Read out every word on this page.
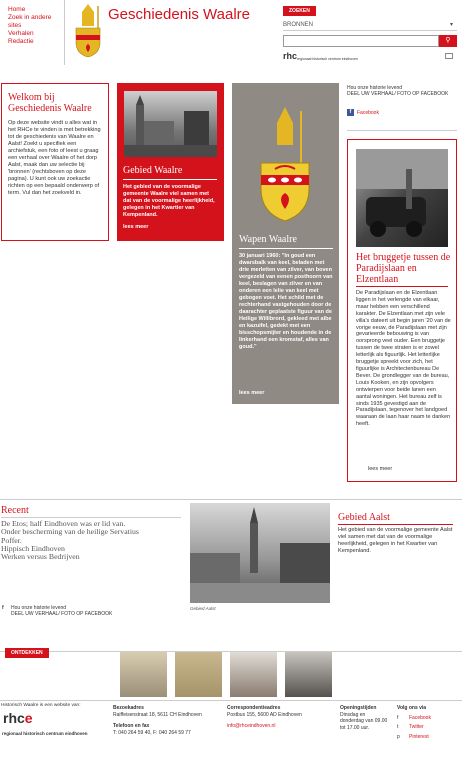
Home
Zoek in andere
sites
Verhalen
Redactie
Geschiedenis Waalre	ZOEKEN
BRONNEN	▾
⚲
rhc regionaal historisch centrum eindhoven
Welkom bij Geschiedenis Waalre

Op deze website vindt u alles wat in het RHCe te vinden is met betrekking tot de geschiedenis van Waalre en Aalst! Zoekt u specifiek een archiefstuk, een foto of leest u graag een verhaal over Waalre of het dorp Aalst, maak dan uw selectie bij 'bronnen' (rechtsboven op deze pagina). U kunt ook uw zoekactie richten op een bepaald onderwerp of term. Vul dan het zoekveld in.

Gebied Waalre
Het gebied van de voormalige gemeente Waalre viel samen met dat van de voormalige heerlijkheid, gelegen in het Kwartier van Kempenland.
lees meer
Wapen Waalre
30 januari 1960: "In goud een dwarsbalk van keel, beladen met drie merletten van zilver, van boven vergezeld van eenen posthoorn van keel, beslagen van zilver en van onderen een lelie van keel met gebogen voet. Het schild met de rechterhand vastgehouden door de daarachter geplaatste figuur van de Heilige Willibrord, gekleed met albe en kazuifel, gedekt met een bisschopsmijter en houdende in de linkerhand een kromstaf, alles van goud."
lees meer
Hou onze historie levend
DEEL UW VERHAAL/ FOTO OP FACEBOOK
f	Facebook
Het bruggetje tussen de Paradijslaan en Elzentlaan
De Paradijslaan en de Elzentlaan liggen in het verlengde van elkaar, maar hebben een verschillend karakter. De Elzentlaan met zijn vele villa's dateert uit begin jaren '20 van de vorige eeuw, de Paradijslaan met zijn gevarieerde bebouwing is van oorsprong veel ouder. Een bruggetje tussen de twee straten is er zowel letterlijk als figuurlijk. Het letterlijke bruggetje spreekt voor zich, het figuurlijke is Architectenbureau De Bever. De grondlegger van de bureau, Louis Kooken, en zijn opvolgers ontwierpen voor beide lanen een aantal woningen. Het bureau zelf is sinds 1935 gevestigd aan de Paradijslaan, tegenover het landgoed waaraan de laan haar naam te danken heeft.
lees meer
Recent
De Etos; half Eindhoven was er lid van.
Onder bescherming van de heilige Servatius
Poffer.
Hippisch Eindhoven
Werken versus Bedrijven
f	Hou onze historie levend
DEEL UW VERHAAL/ FOTO OP FACEBOOK
Gebied Aalst
Gebied Aalst
Het gebied van de voormalige gemeente Aalst viel samen met dat van de voormalige heerlijkheid, gelegen in het Kwartier van Kempenland.
ONTDEKKEN
Historisch Waalre is een website van:
rhce
regionaal historisch centrum eindhoven
Bezoekadres
Raiffeisenstraat 18, 5611 CH Eindhoven
Telefoon en fax
T: 040 264 59 40, F: 040 264 59 77
Correspondentieadres
Postbus 155, 5600 AD Eindhoven
info@rhceindhoven.nl
Openingstijden
Dinsdag en donderdag van 09.00 tot 17.00 uur.
Volg ons via
f	Facebook
t	Twitter
p	Pinterest
